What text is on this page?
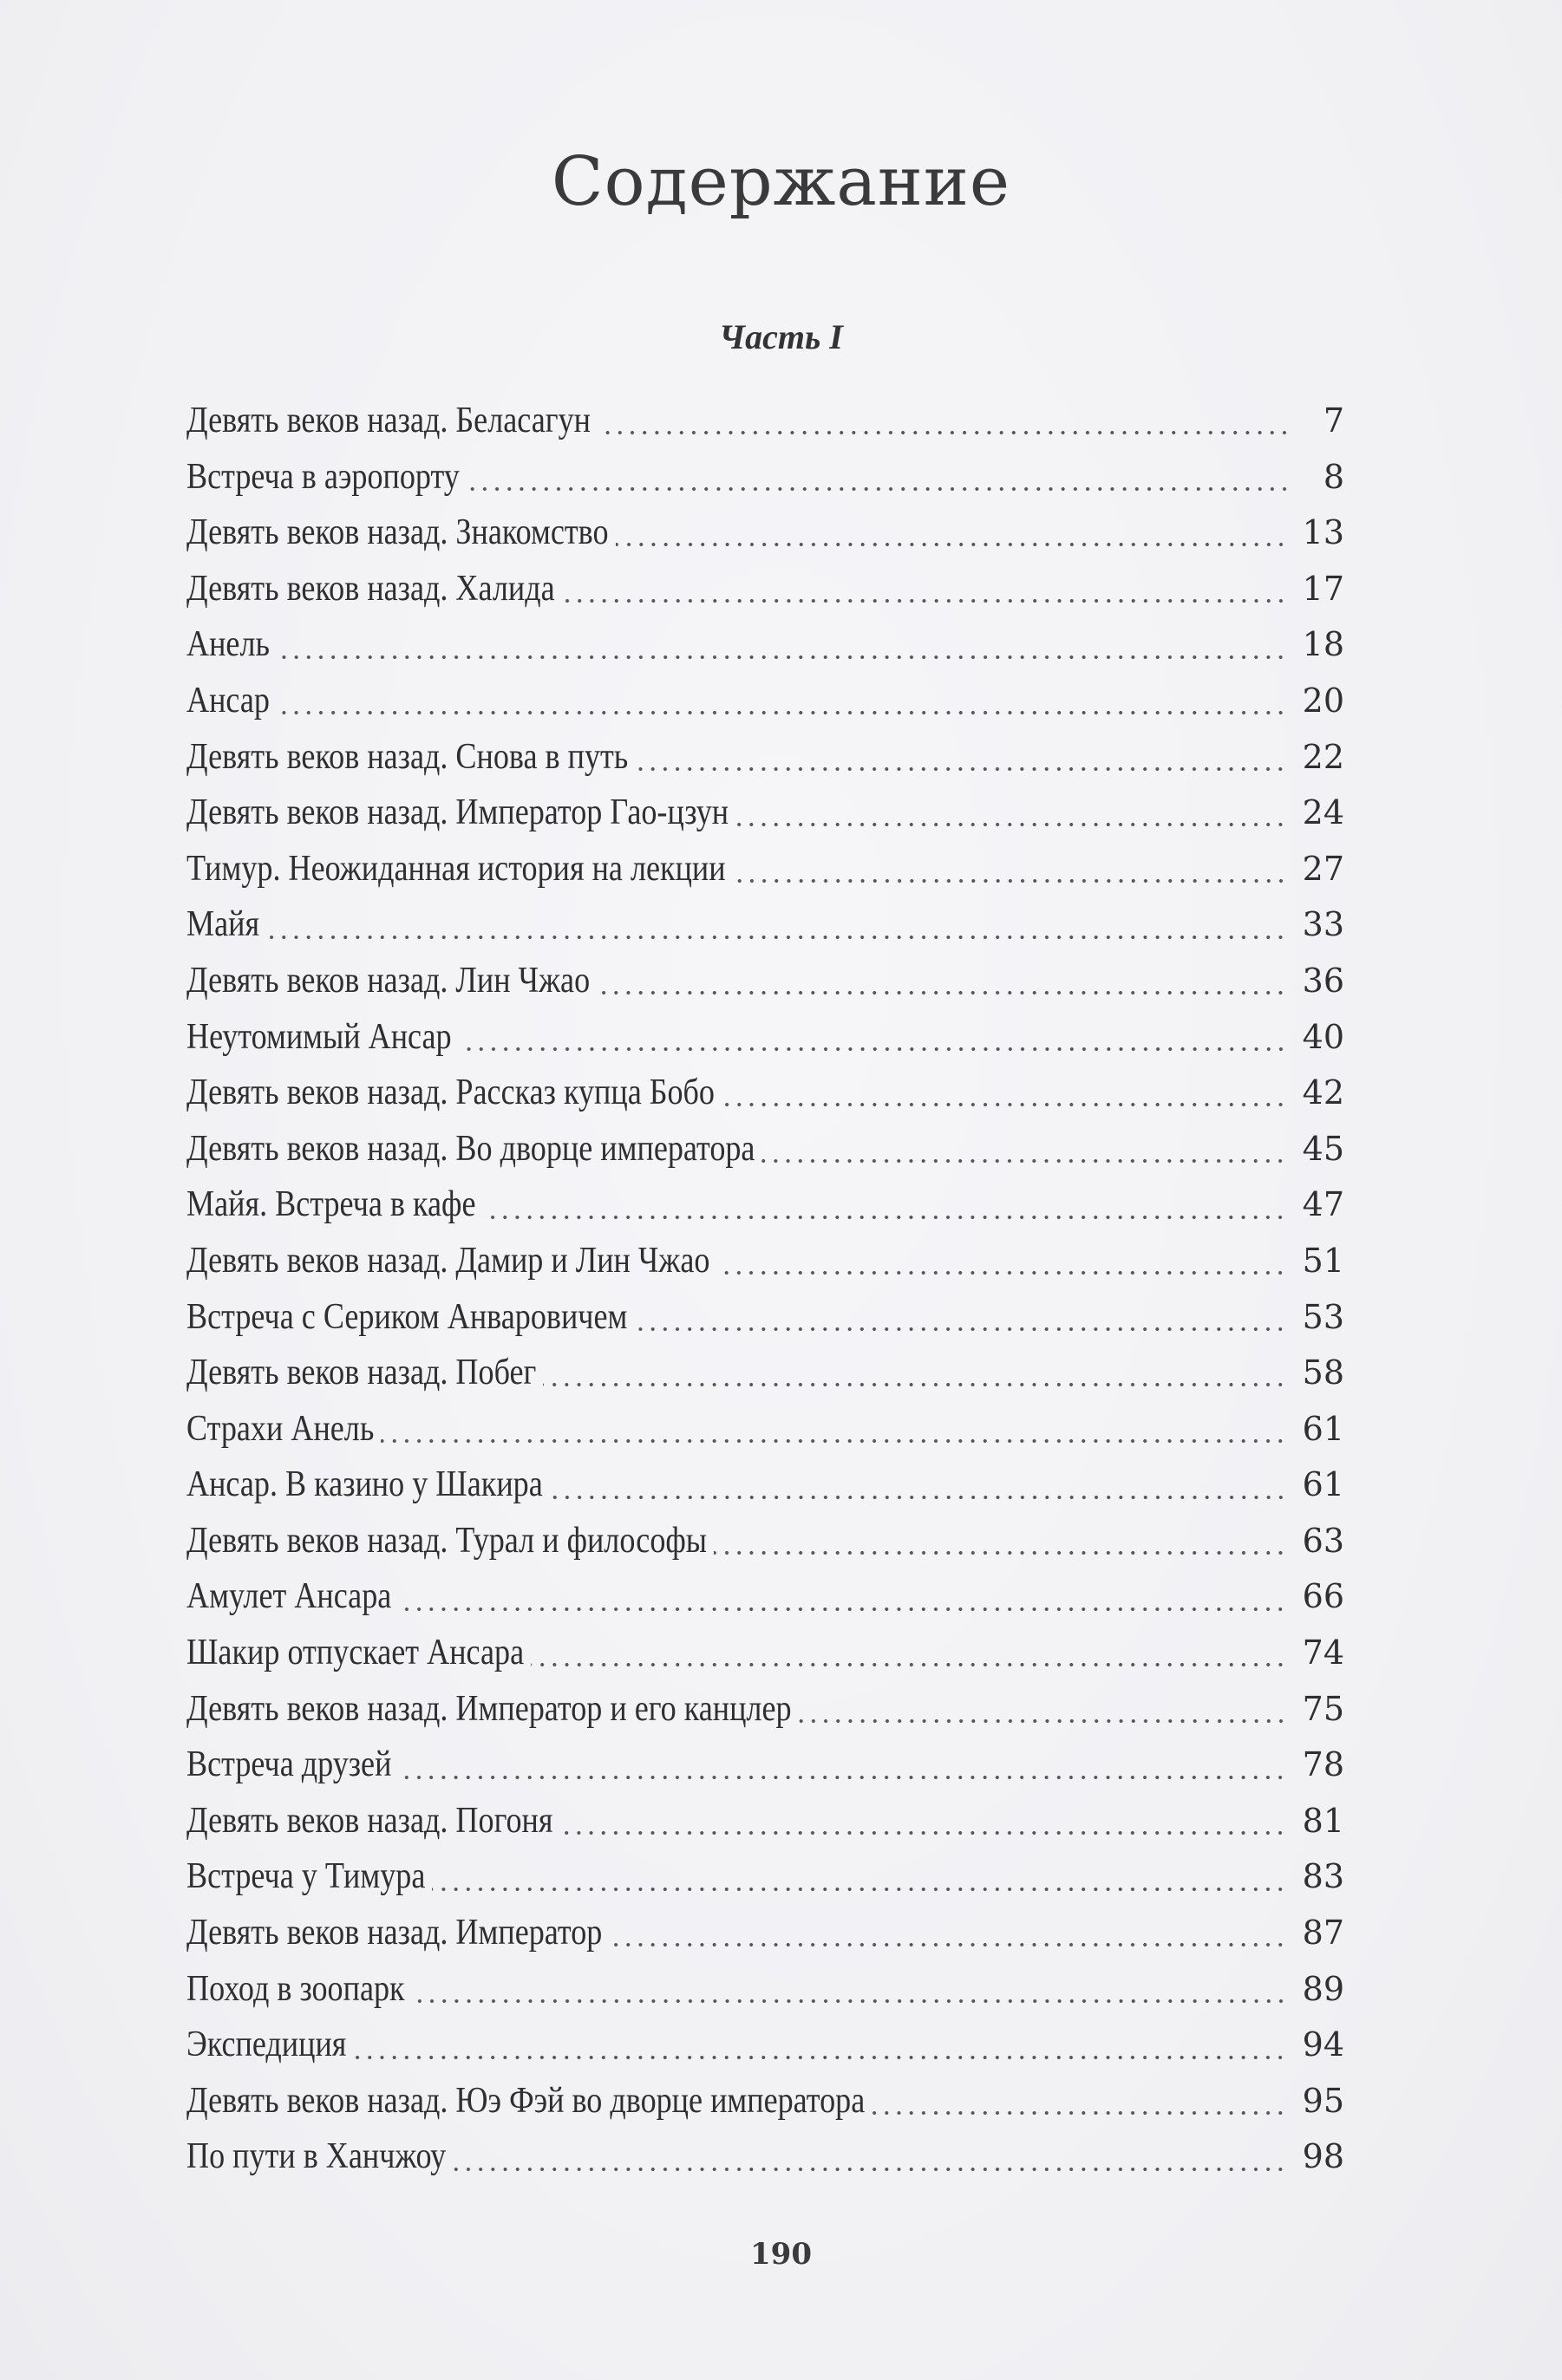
Содержание
Часть I
Девять веков назад. Беласагун	7
Встреча в аэропорту	8
Девять веков назад. Знакомство	13
Девять веков назад. Халида	17
Анель	18
Ансар	20
Девять веков назад. Снова в путь	22
Девять веков назад. Император Гао-цзун	24
Тимур. Неожиданная история на лекции	27
Майя	33
Девять веков назад. Лин Чжао	36
Неутомимый Ансар	40
Девять веков назад. Рассказ купца Бобо	42
Девять веков назад. Во дворце императора	45
Майя. Встреча в кафе	47
Девять веков назад. Дамир и Лин Чжао	51
Встреча с Сериком Анваровичем	53
Девять веков назад. Побег	58
Страхи Анель	61
Ансар. В казино у Шакира	61
Девять веков назад. Турал и философы	63
Амулет Ансара	66
Шакир отпускает Ансара	74
Девять веков назад. Император и его канцлер	75
Встреча друзей	78
Девять веков назад. Погоня	81
Встреча у Тимура	83
Девять веков назад. Император	87
Поход в зоопарк	89
Экспедиция	94
Девять веков назад. Юэ Фэй во дворце императора	95
По пути в Ханчжоу	98
190
